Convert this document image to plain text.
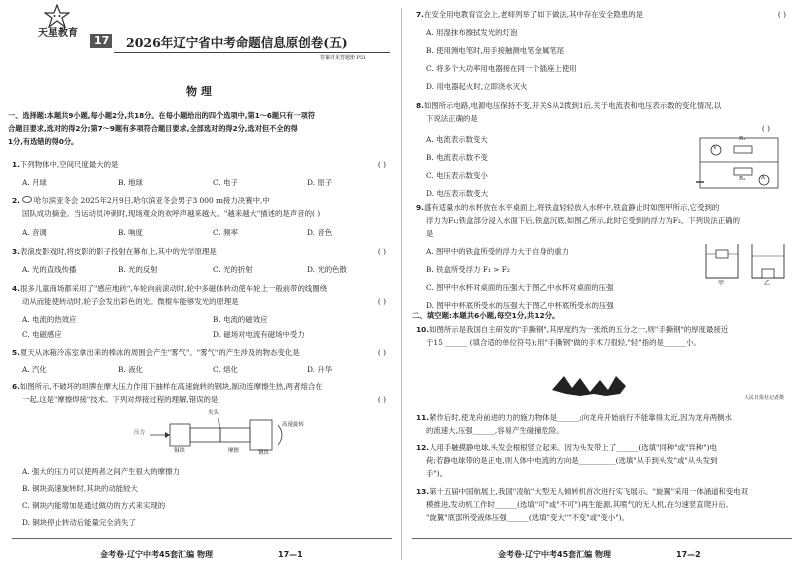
天星教育
17 2026年辽宁省中考命题信息原创卷(五)
答案详见答题册 P51
物 理
一、选择题:本题共9小题,每小题2分,共18分。在每小题给出的四个选项中,第1～6题只有一项符
合题目要求,选对的得2分;第7～9题有多项符合题目要求,全部选对的得2分,选对但不全的得
1分,有选错的得0分。
1.下列物体中,空间尺度最大的是	( )
A. 月球	B. 地球	C. 电子	D. 原子
2. 哈尔滨亚冬会 2025年2月9日,哈尔滨亚冬会男子3 000 m接力决赛中,中
国队成功摘金。当运动员冲刺时,现场观众的欢呼声越来越大。"越来越大"描述的是声音的( )
A. 音调	B. 响度	C. 频率	D. 音色
3.表演皮影戏时,将皮影的影子投射在幕布上,其中的光学原理是	( )
A. 光的直线传播	B. 光的反射	C. 光的折射	D. 光的色散
4.很多儿童商场都采用了"感应地砖",车轮向前滚动时,轮中多磁体转动使车轮上一般前带的线圈绕
动从而能使转动时,轮子会发出彩色的光。微棍车能够发光的原理是	( )
A. 电流的热效应	B. 电流的磁效应
C. 电磁感应	D. 磁场对电流有磁场中受力
5.夏天从冰箱冷冻室拿出来的棒冰的周围会产生"雾气"。"雾气"的产生涉及的物态变化是	( )
A. 汽化	B. 液化	C. 熔化	D. 升华
6.如图所示,不破坏的坦牌在摩大压力作用下抽样在高速旋转的钢块,制动连摩擦生热,两者熔合在
一起,这是"摩擦焊接"技术。下列对焊接过程的理解,错误的是	( )
夹头
铜块	钢块
压力
高速旋转
摩擦
A. 强大的压力可以使两者之间产生很大的摩擦力
B. 铜块高速旋转时,其块的动能较大
C. 铜块内能增加是通过做功的方式来实现的
D. 铜块停止转动后能量完全消失了
金考卷·辽宁中考45套汇编 物理	17—1
7.在安全用电教育宣会上,老师列举了如下做法,其中存在安全隐患的是	( )
A. 用湿抹布擦拭发光的灯泡
B. 使用测电笔时,用手接触测电笔金属笔尾
C. 将多个大功率用电器接在同一个插座上使用
D. 用电器起火时,立即浇水灭火
8.如图所示电路,电源电压保持不变,开关S从2拨到1后,关于电流表和电压表示数的变化情况,以
下说法正确的是
( )
A. 电流表示数变大
B. 电流表示数不变
C. 电压表示数变小
D. 电压表示数变大
V
R₁
R₂	A
9.盛有适量水的水杯放在水平桌面上,将铁盒轻轻放入水杯中,铁盒静止时如图甲所示,它受到的
浮力为F₁;铁盒部分浸入水面下后,铁盒沉底,如图乙所示,此时它受到的浮力为F₂。下列说法正确的
是
A. 图甲中的铁盒所受的浮力大于自身的重力
B. 铁盒所受浮力 F₁ > F₂
C. 图甲中水杯对桌面的压强大于图乙中水杯对桌面的压强
D. 图甲中杯底所受水的压强大于图乙中杯底所受水的压强
甲	乙
二、填空题:本题共6小题,每空1分,共12分。
10.如图所示是我国自主研发的"手撕钢",其厚度约为一张纸的五分之一,则"手撕钢"的厚度最接近
于15 ______ (填合适的单位符号);用"手撕钢"做的手术刀很轻,"轻"指的是______小。
人民日报社记者摄
11.紧作后时,使龙舟前进的力的施力物体是______;向龙舟开始前行不能靠得太近,因为龙舟两侧水
的流速大,压强______,容易产生碰撞危险。
12.人用手触摸静电球,头发会根根竖立起来。因为头发带上了______(选填"同种"或"异种")电
荷;若静电球带的是正电,则人体中电流的方向是__________(选填"从手到头发"或"从头发到
手")。
13.第十五届中国航展上,我国"凌航"大型无人倾转机首次进行实飞展示。"旋翼"采用一体涵道和变电双
模推进,发动机工作时______(选填"可"或"不可")再生能源,其喷气的无人机,在匀速竖直爬升后,
"旋翼"底部所受液体压强______(选填"变大""不变"或"变小")。
金考卷·辽宁中考45套汇编 物理	17—2
